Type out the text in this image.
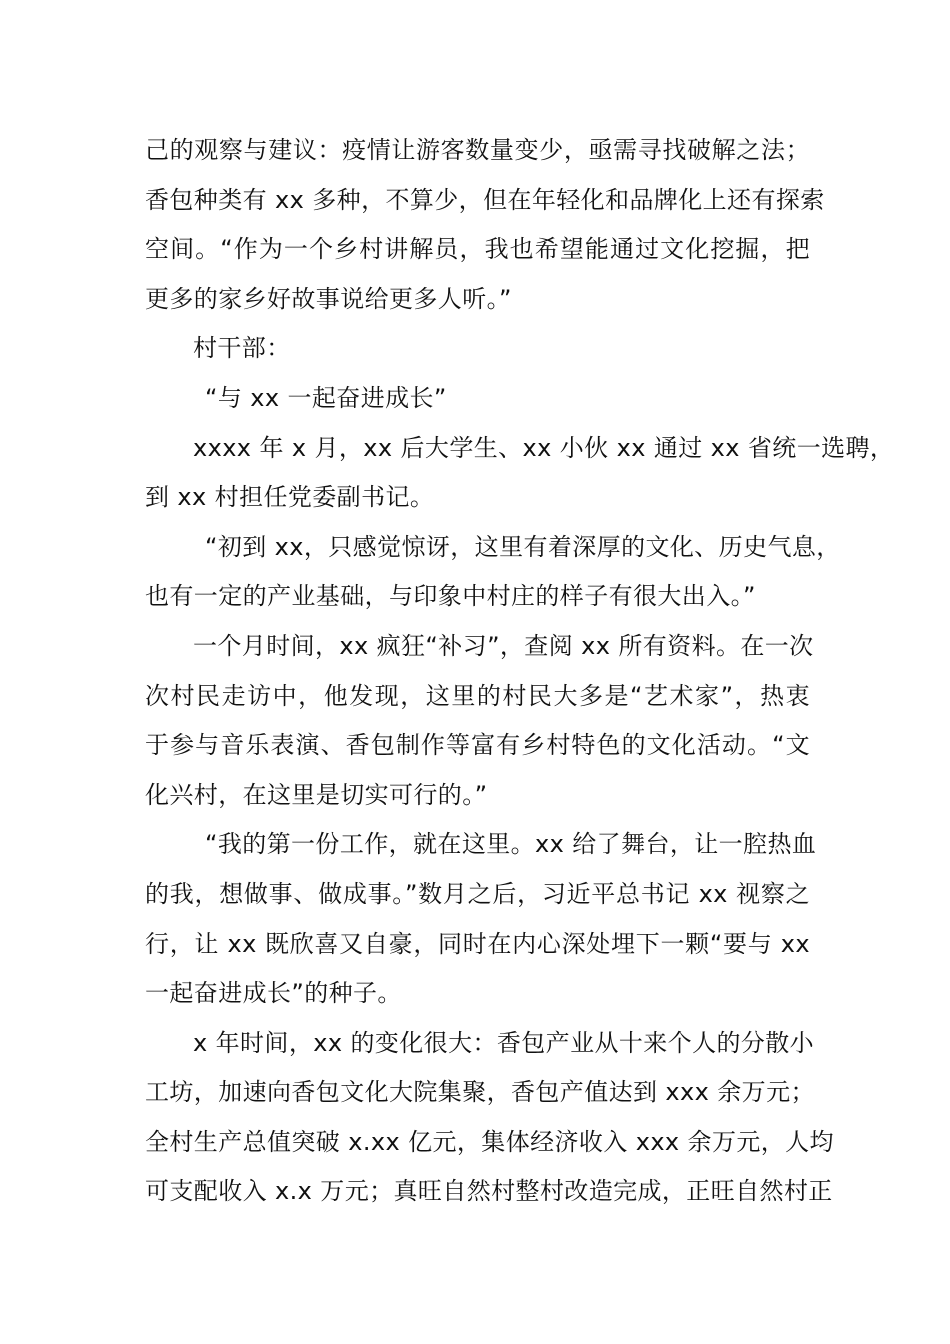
己的观察与建议：疫情让游客数量变少，亟需寻找破解之法；
香包种类有 xx 多种，不算少，但在年轻化和品牌化上还有探索
空间。“作为一个乡村讲解员，我也希望能通过文化挖掘，把
更多的家乡好故事说给更多人听。”
村干部：
“与 xx 一起奋进成长”
xxxx 年 x 月，xx 后大学生、xx 小伙 xx 通过 xx 省统一选聘，
到 xx 村担任党委副书记。
“初到 xx，只感觉惊讶，这里有着深厚的文化、历史气息，
也有一定的产业基础，与印象中村庄的样子有很大出入。”
一个月时间，xx 疯狂“补习”，查阅 xx 所有资料。在一次
次村民走访中，他发现，这里的村民大多是“艺术家”，热衷
于参与音乐表演、香包制作等富有乡村特色的文化活动。“文
化兴村，在这里是切实可行的。”
“我的第一份工作，就在这里。xx 给了舞台，让一腔热血
的我，想做事、做成事。”数月之后，习近平总书记 xx 视察之
行，让 xx 既欣喜又自豪，同时在内心深处埋下一颗“要与 xx
一起奋进成长”的种子。
x 年时间，xx 的变化很大：香包产业从十来个人的分散小
工坊，加速向香包文化大院集聚，香包产值达到 xxx 余万元；
全村生产总值突破 x.xx 亿元，集体经济收入 xxx 余万元，人均
可支配收入 x.x 万元；真旺自然村整村改造完成，正旺自然村正
